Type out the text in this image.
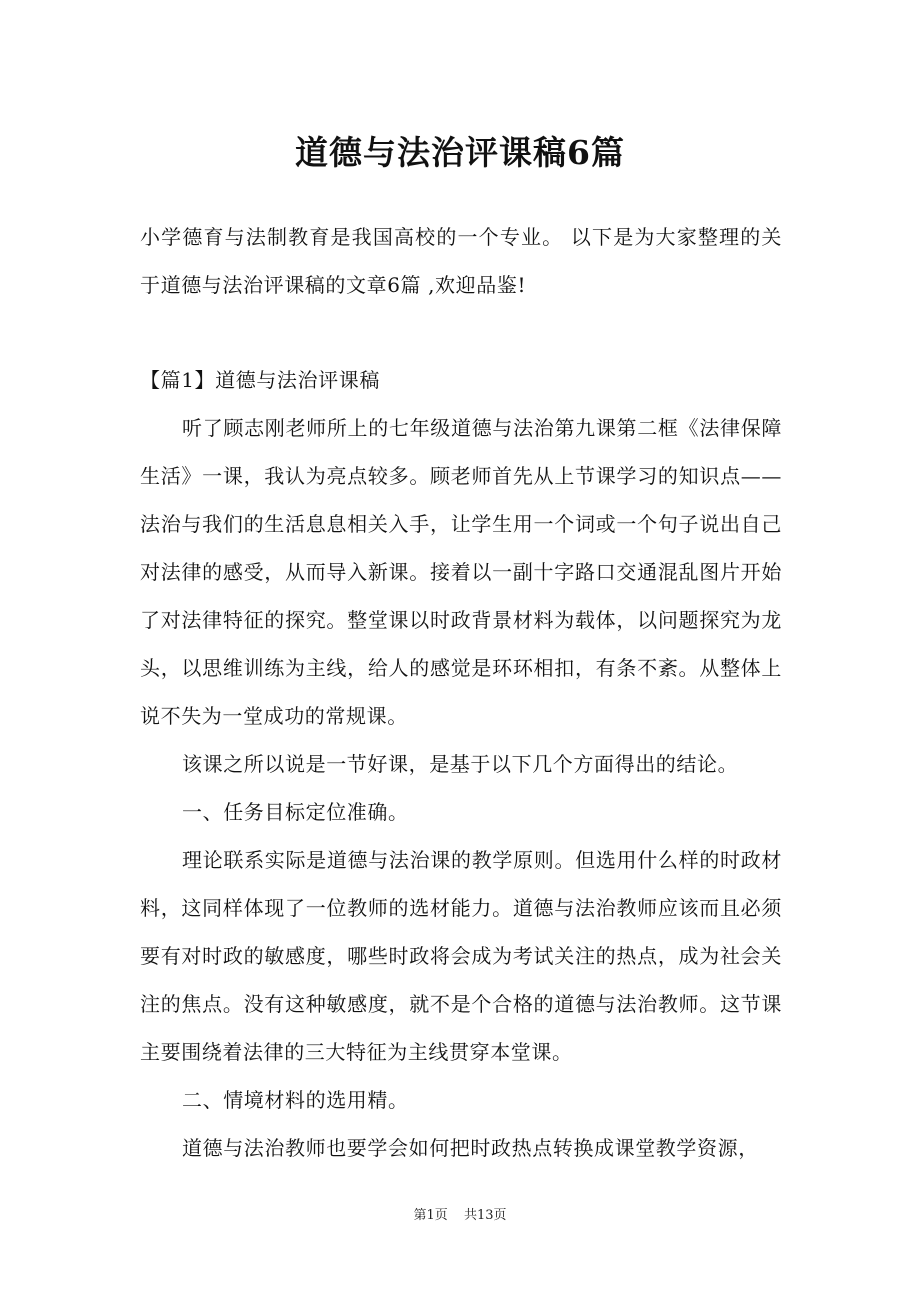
道德与法治评课稿6篇
小学德育与法制教育是我国高校的一个专业。 以下是为大家整理的关于道德与法治评课稿的文章6篇 ,欢迎品鉴!

【篇1】道德与法治评课稿

听了顾志刚老师所上的七年级道德与法治第九课第二框《法律保障生活》一课，我认为亮点较多。顾老师首先从上节课学习的知识点——法治与我们的生活息息相关入手，让学生用一个词或一个句子说出自己对法律的感受，从而导入新课。接着以一副十字路口交通混乱图片开始了对法律特征的探究。整堂课以时政背景材料为载体，以问题探究为龙头，以思维训练为主线，给人的感觉是环环相扣，有条不紊。从整体上说不失为一堂成功的常规课。

该课之所以说是一节好课，是基于以下几个方面得出的结论。

一、任务目标定位准确。

理论联系实际是道德与法治课的教学原则。但选用什么样的时政材料，这同样体现了一位教师的选材能力。道德与法治教师应该而且必须要有对时政的敏感度，哪些时政将会成为考试关注的热点，成为社会关注的焦点。没有这种敏感度，就不是个合格的道德与法治教师。这节课主要围绕着法律的三大特征为主线贯穿本堂课。

二、情境材料的选用精。

道德与法治教师也要学会如何把时政热点转换成课堂教学资源，

第1页 共13页
